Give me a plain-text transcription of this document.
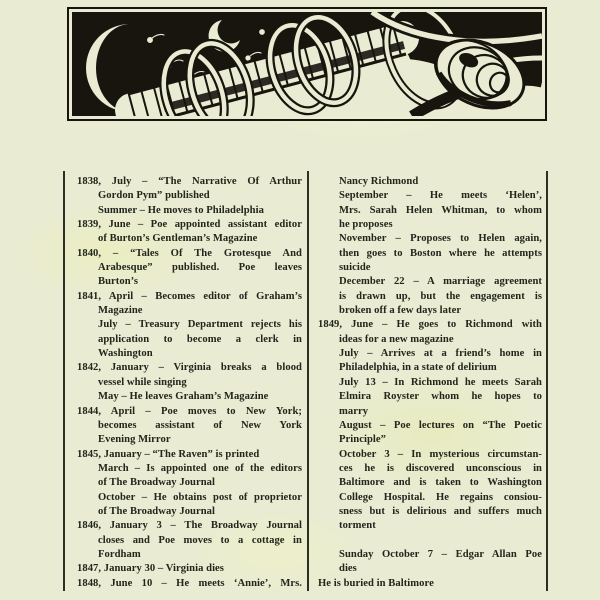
1838, July – “The Narrative Of Arthur
Gordon Pym” published
Summer – He moves to Philadelphia
1839, June – Poe appointed assistant editor
of Burton’s Gentleman’s Magazine
1840, – “Tales Of The Grotesque And
Arabesque” published. Poe leaves
Burton’s
1841, April – Becomes editor of Graham’s
Magazine
July – Treasury Department rejects his
application to become a clerk in
Washington
1842, January – Virginia breaks a blood
vessel while singing
May – He leaves Graham’s Magazine
1844, April – Poe moves to New York;
becomes assistant of New York
Evening Mirror
1845, January – “The Raven” is printed
March – Is appointed one of the editors
of The Broadway Journal
October – He obtains post of proprietor
of The Broadway Journal
1846, January 3 – The Broadway Journal
closes and Poe moves to a cottage in
Fordham
1847, January 30 – Virginia dies
1848, June 10 – He meets ‘Annie’, Mrs.
Nancy Richmond
September – He meets ‘Helen’,
Mrs. Sarah Helen Whitman, to whom
he proposes
November – Proposes to Helen again,
then goes to Boston where he attempts
suicide
December 22 – A marriage agreement
is drawn up, but the engagement is
broken off a few days later
1849, June – He goes to Richmond with
ideas for a new magazine
July – Arrives at a friend’s home in
Philadelphia, in a state of delirium
July 13 – In Richmond he meets Sarah
Elmira Royster whom he hopes to
marry
August – Poe lectures on “The Poetic
Principle”
October 3 – In mysterious circumstan-
ces he is discovered unconscious in
Baltimore and is taken to Washington
College Hospital. He regains consiou-
sness but is delirious and suffers much
torment
Sunday October 7 – Edgar Allan Poe
dies
He is buried in Baltimore
